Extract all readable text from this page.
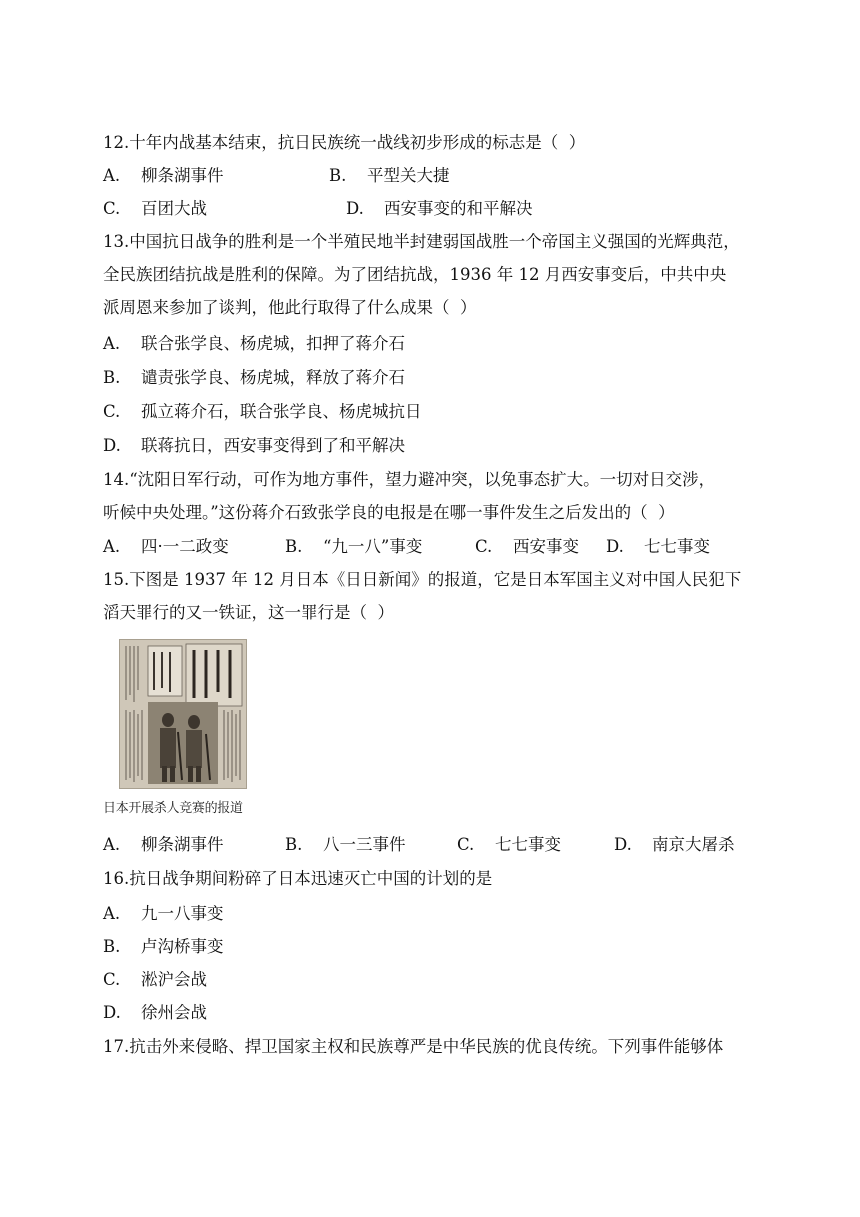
12.十年内战基本结束，抗日民族统一战线初步形成的标志是（  ）
A. 柳条湖事件	B. 平型关大捷
C. 百团大战	D. 西安事变的和平解决
13.中国抗日战争的胜利是一个半殖民地半封建弱国战胜一个帝国主义强国的光辉典范，
全民族团结抗战是胜利的保障。为了团结抗战，1936 年 12 月西安事变后，中共中央
派周恩来参加了谈判，他此行取得了什么成果（  ）
A. 联合张学良、杨虎城，扣押了蒋介石
B. 谴责张学良、杨虎城，释放了蒋介石
C. 孤立蒋介石，联合张学良、杨虎城抗日
D. 联蒋抗日，西安事变得到了和平解决
14.“沈阳日军行动，可作为地方事件，望力避冲突，以免事态扩大。一切对日交涉，
听候中央处理。”这份蒋介石致张学良的电报是在哪一事件发生之后发出的（  ）
A. 四·一二政变	B. “九一八”事变	C. 西安事变 D. 七七事变
15.下图是 1937 年 12 月日本《日日新闻》的报道，它是日本军国主义对中国人民犯下
滔天罪行的又一铁证，这一罪行是（  ）
日本开展杀人竞赛的报道
A. 柳条湖事件	B. 八一三事件	C. 七七事变	D. 南京大屠杀
16.抗日战争期间粉碎了日本迅速灭亡中国的计划的是
A. 九一八事变
B. 卢沟桥事变
C. 淞沪会战
D. 徐州会战
17.抗击外来侵略、捍卫国家主权和民族尊严是中华民族的优良传统。下列事件能够体
